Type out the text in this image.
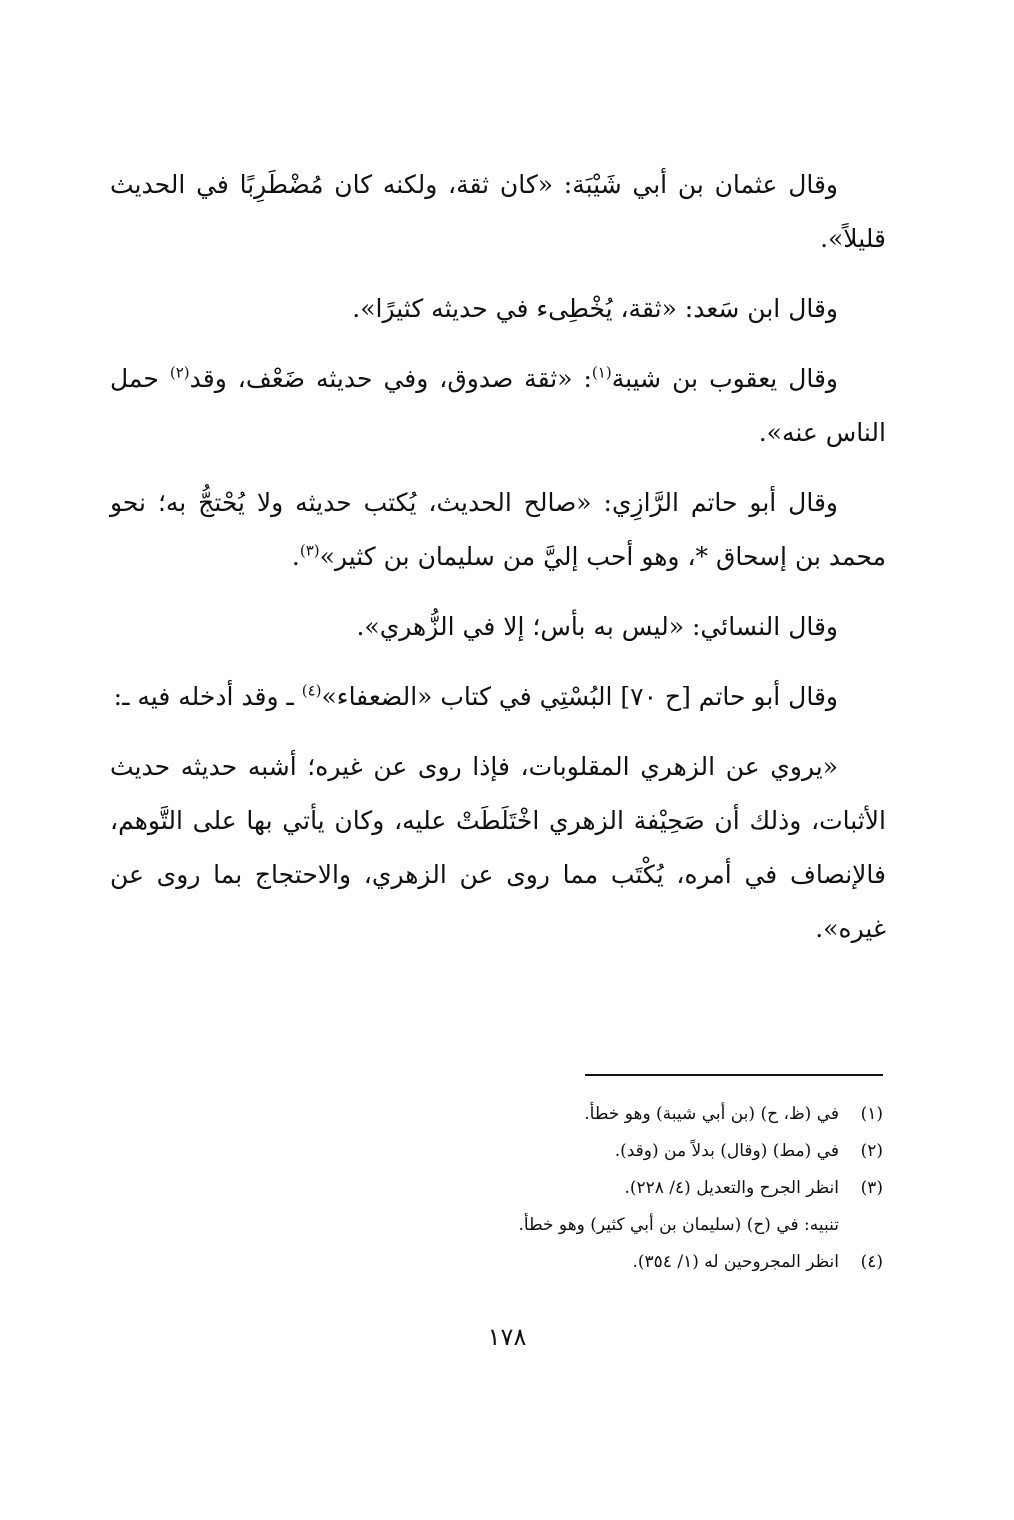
وقال عثمان بن أبي شَيْبَة: «كان ثقة، ولكنه كان مُضْطَرِبًا في الحديث قليلاً».

وقال ابن سَعد: «ثقة، يُخْطِىء في حديثه كثيرًا».

وقال يعقوب بن شيبة$^{(١)}$: «ثقة صدوق، وفي حديثه ضَعْف، وقد$^{(٢)}$ حمل الناس عنه».

وقال أبو حاتم الرَّازِي: «صالح الحديث، يُكتب حديثه ولا يُحْتجُّ به؛ نحو محمد بن إسحاق *، وهو أحب إليَّ من سليمان بن كثير»$^{(٣)}$.

وقال النسائي: «ليس به بأس؛ إلا في الزُّهري».

وقال أبو حاتم [ح ٧٠] البُسْتِي في كتاب «الضعفاء»$^{(٤)}$ ـ وقد أدخله فيه ـ:

«يروي عن الزهري المقلوبات، فإذا روى عن غيره؛ أشبه حديثه حديث الأثبات، وذلك أن صَحِيْفة الزهري اخْتَلَطَتْ عليه، وكان يأتي بها على التَّوهم، فالإنصاف في أمره، يُكْتَب مما روى عن الزهري، والاحتجاج بما روى عن غيره».

(١)في (ظ، ح) (بن أبي شيبة) وهو خطأ.
(٢)في (مط) (وقال) بدلاً من (وقد).
(٣)انظر الجرح والتعديل (٤/ ٢٢٨).
تنبيه: في (ح) (سليمان بن أبي كثير) وهو خطأ.
(٤)انظر المجروحين له (١/ ٣٥٤).
١٧٨
